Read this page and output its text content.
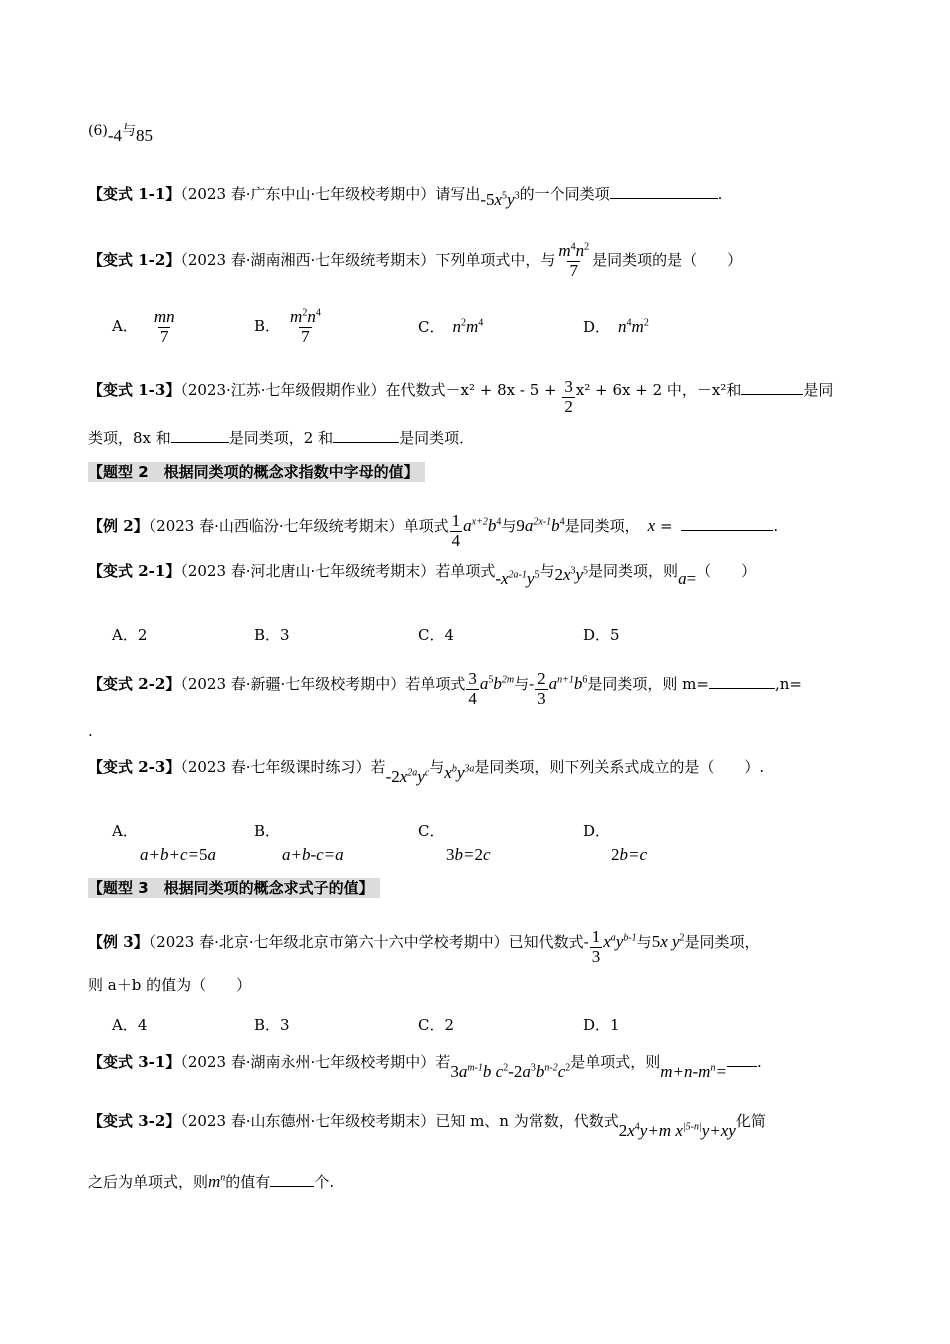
(6)-4与85
【变式 1-1】（2023 春·广东中山·七年级校考期中）请写出$-5x^5y^3$的一个同类项	.
【变式 1-2】（2023 春·湖南湘西·七年级统考期末）下列单项式中，与 $\frac{m^4n^2}{7}$ 是同类项的是（　　）
A． $\frac{mn}{7}$	B． $\frac{m^2n^4}{7}$	C． $n^2m^4$	D． $n^4m^2$
【变式 1-3】（2023·江苏·七年级假期作业）在代数式$-x^2 + 8x - 5 + \frac{3}{2} x^2 + 6x + 2$ 中，－x²和	是同
类项，8x 和	是同类项，2 和	是同类项．
【题型 2　根据同类项的概念求指数中字母的值】
【例 2】（2023 春·山西临汾·七年级统考期末）单项式 $\frac{1}{4} a^{x+2}b^4$与$9a^{2x-1}b^4$是同类项， x =	.
【变式 2-1】（2023 春·河北唐山·七年级统考期末）若单项式$-x^{2a-1}y^5$与$2x^3y^5$是同类项，则a=（　　）
A．2	B．3	C．4	D．5
【变式 2-2】（2023 春·新疆·七年级校考期中）若单项式 $\frac{3}{4} a^5b^{2m}$与- $\frac{2}{3} a^{n+1}b^6$是同类项，则 m=	,n=
.
【变式 2-3】（2023 春·七年级课时练习）若$-2x^{2a}y^c$与$x^by^{3a}$是同类项，则下列关系式成立的是（　　）.
A．
a+b+c=5a
B．
a+b-c=a
C．
3b=2c
D．
2b=c
【题型 3　根据同类项的概念求式子的值】
【例 3】（2023 春·北京·七年级北京市第六十六中学校考期中）已知代数式- $\frac{1}{3} x^ay^{b-1}$与5x $y^2$是同类项，
则 a＋b 的值为（　　）
A．4	B．3	C．2	D．1
【变式 3-1】（2023 春·湖南永州·七年级校考期中）若$3a^{m-1}b$ $c^2-2a^3b^{n-2}c^2$是单项式，则$m+n-m^n=$ .
【变式 3-2】（2023 春·山东德州·七年级校考期末）已知 m、n 为常数，代数式$2x^4y+m$ $x^{|5-n|}y+xy$化简
之后为单项式，则$m^n$的值有	个.
